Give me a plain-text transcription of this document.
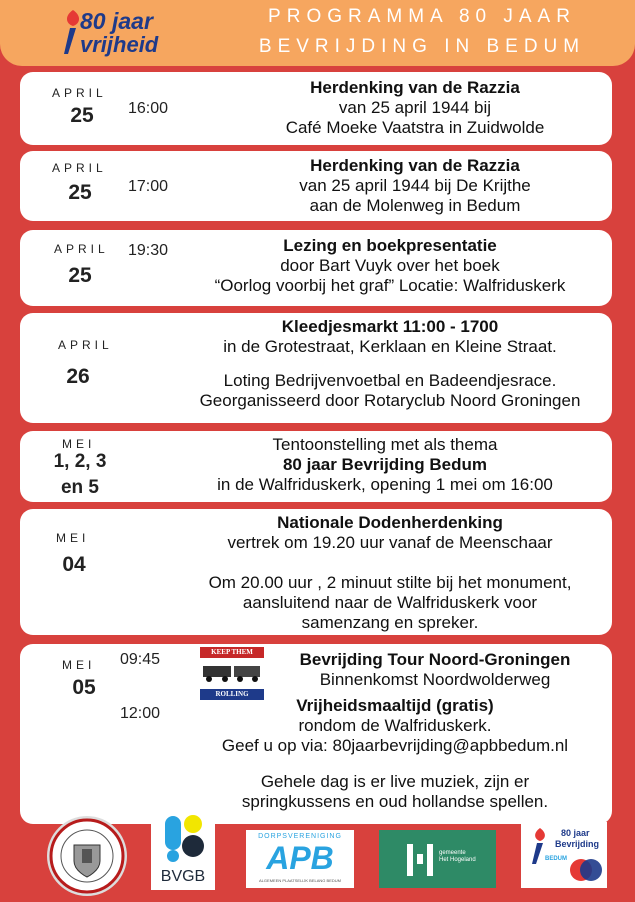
80 jaar
vrijheid
PROGRAMMA 80 JAAR
BEVRIJDING IN BEDUM
APRIL
25	16:00
Herdenking van de Razzia
van 25 april 1944 bij
Café Moeke Vaatstra in Zuidwolde
APRIL
25	17:00
Herdenking van de Razzia
van 25 april 1944 bij De Krijthe
aan de Molenweg in Bedum
APRIL
25
19:30	Lezing en boekpresentatie
door Bart Vuyk over het boek
“Oorlog voorbij het graf” Locatie: Walfriduskerk
APRIL
26
Kleedjesmarkt 11:00 - 1700
in de Grotestraat, Kerklaan en Kleine Straat.
Loting Bedrijvenvoetbal en Badeendjesrace.
Georganisseerd door Rotaryclub Noord Groningen
MEI
1, 2, 3
en 5
Tentoonstelling met als thema
80 jaar Bevrijding Bedum
in de Walfriduskerk, opening 1 mei om 16:00
MEI
04
Nationale Dodenherdenking
vertrek om 19.20 uur vanaf de Meenschaar
Om 20.00 uur , 2 minuut stilte bij het monument,
aansluitend naar de Walfriduskerk voor
samenzang en spreker.
MEI
05
09:45
12:00
KEEP THEM
ROLLING
Bevrijding Tour Noord-Groningen
Binnenkomst Noordwolderweg
Vrijheidsmaaltijd (gratis)
rondom de Walfriduskerk.
Geef u op via: 80jaarbevrijding@apbbedum.nl
Gehele dag is er live muziek, zijn er
springkussens en oud hollandse spellen.
BVGB
DORPSVERENIGING
APB
ALGEMEEN PLAATSELIJK BELANG BEDUM
gemeente
Het Hogeland
80 jaar
Bevrijding
BEDUM
